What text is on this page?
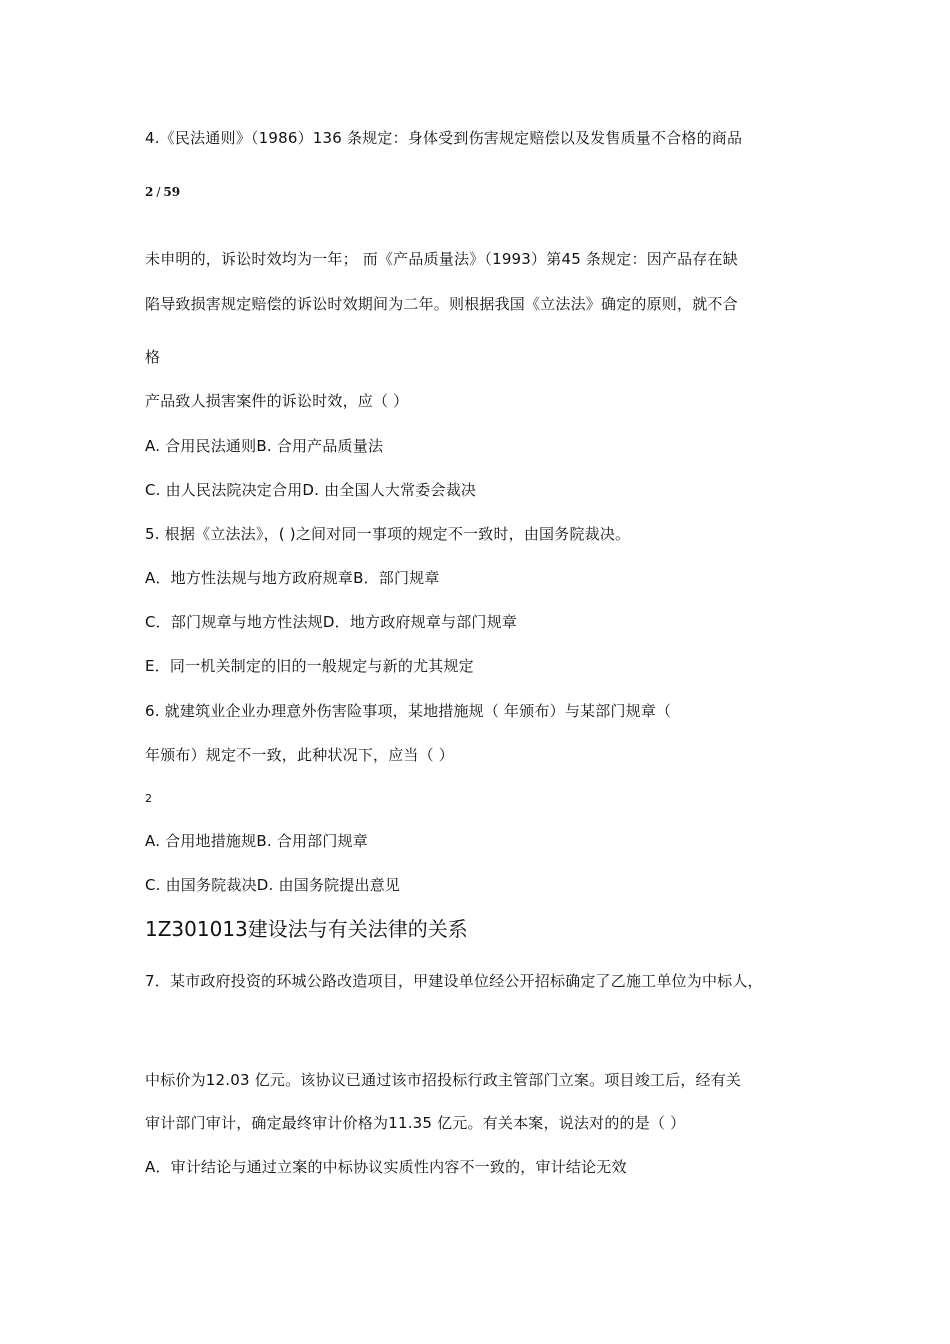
4.《民法通则》（1986）136 条规定：身体受到伤害规定赔偿以及发售质量不合格的商品
2 / 59
未申明的，诉讼时效均为一年； 而《产品质量法》（1993）第45 条规定：因产品存在缺
陷导致损害规定赔偿的诉讼时效期间为二年。则根据我国《立法法》确定的原则，就不合
格
产品致人损害案件的诉讼时效，应（ ）
A. 合用民法通则B. 合用产品质量法
C. 由人民法院决定合用D. 由全国人大常委会裁决
5. 根据《立法法》，( )之间对同一事项的规定不一致时，由国务院裁决。
A．地方性法规与地方政府规章B．部门规章
C．部门规章与地方性法规D．地方政府规章与部门规章
E．同一机关制定的旧的一般规定与新的尤其规定
6. 就建筑业企业办理意外伤害险事项，某地措施规（ 年颁布）与某部门规章（
年颁布）规定不一致，此种状况下，应当（ ）
2
A. 合用地措施规B. 合用部门规章
C. 由国务院裁决D. 由国务院提出意见
1Z301013建设法与有关法律的关系
7．某市政府投资的环城公路改造项目，甲建设单位经公开招标确定了乙施工单位为中标人，
中标价为12.03 亿元。该协议已通过该市招投标行政主管部门立案。项目竣工后，经有关
审计部门审计，确定最终审计价格为11.35 亿元。有关本案，说法对的的是（ ）
A．审计结论与通过立案的中标协议实质性内容不一致的，审计结论无效
